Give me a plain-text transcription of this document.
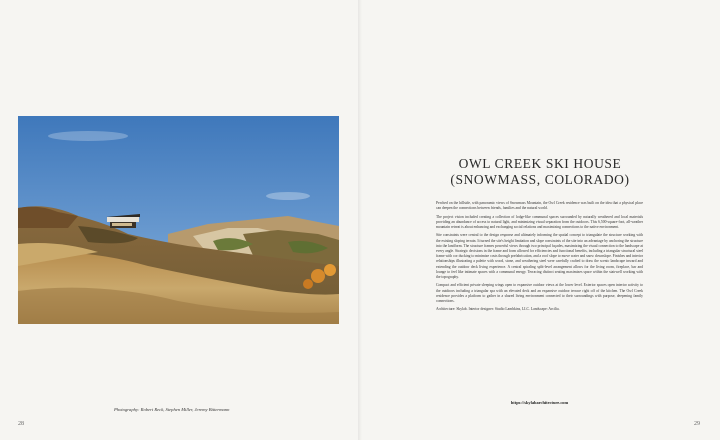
Photography: Robert Reck, Stephen Miller, Jeremy Bittermann
28
OWL CREEK SKI HOUSE
(SNOWMASS, COLORADO)

Perched on the hillside, with panoramic views of Snowmass Mountain, the Owl Creek residence was built on the idea that a physical place can deepen the connections between friends, families and the natural world.

The project vision included creating a collection of lodge-like communal spaces surrounded by naturally weathered and local materials providing an abundance of access to natural light, and minimizing visual separation from the outdoors. This 6,500-square-foot, all-weather mountain retreat is about enhancing and exchanging social relations and maximizing connections to the native environment.

Site constraints were central to the design response and ultimately informing the spatial concept to triangulate the structure working with the existing sloping terrain. It turned the site's height limitation and slope constraints of the site into an advantage by anchoring the structure into the landform. The structure frames powerful views through two principal façades, maximizing the visual connection to the landscape at every angle. Strategic decisions in the frame and form allowed for efficiencies and functional benefits, including a triangular structural steel frame with cor ducking to minimize costs through prefabrication, and a roof slope to move water and snow downslope. Finishes and interior relationships illustrating a palette with wood, stone, and weathering steel were carefully crafted to draw the scenic landscape inward and extending the outdoor deck living experience. A central spiraling split-level arrangement allows for the living room, fireplace, bar and lounge to feel like intimate spaces with a communal energy. Terracing distinct seating maximizes space within the stairwell working with the topography.

Compact and efficient private sleeping wings open to expansive outdoor views at the lower level. Exterior spaces open interior activity to the outdoors including a triangular spa with an elevated deck and an expansive outdoor terrace right off of the kitchen. The Owl Creek residence provides a platform to gather in a shared living environment connected to their surroundings with purpose, deepening family connections.

Architecture: Skylab. Interior designer: Studio Lambkins, LLC. Landscape: Arcilia.

https://skylabarchitecture.com
29
